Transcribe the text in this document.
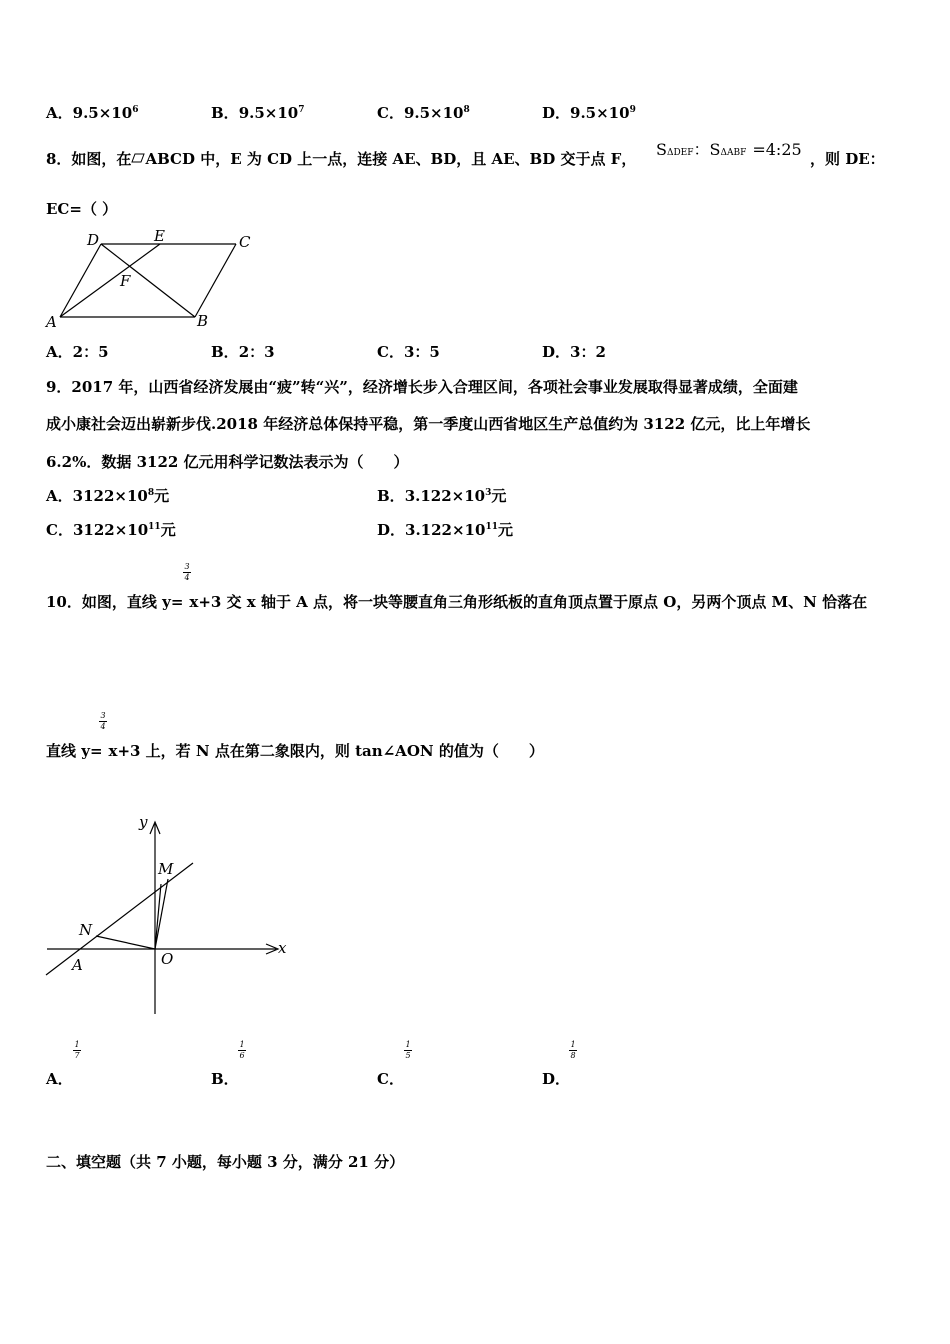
A．$9.5\times 10^6$	B．$9.5\times 10^7$	C．$9.5\times 10^8$	D．$9.5\times 10^9$
8．如图，在 ABCD 中，E 为 CD 上一点，连接 AE、BD，且 AE、BD 交于点 F， SΔDEF：SΔABF =4:25 ，则 DE：
EC=（ ）
D	E	C
F
A	B
A．2：5	B．2：3	C．3：5	D．3：2
9．2017 年，山西省经济发展由“疲”转“兴”，经济增长步入合理区间，各项社会事业发展取得显著成绩，全面建
成小康社会迈出崭新步伐.2018 年经济总体保持平稳，第一季度山西省地区生产总值约为 3122 亿元，比上年增长
6.2%．数据 3122 亿元用科学记数法表示为（　　）
A．$3122\times 10^8$元	B．$3.122\times 10^3$元
C．$3122\times 10^{11}$元	D．$3.122\times 10^{11}$元
3
4
10．如图，直线 y= x+3 交 x 轴于 A 点，将一块等腰直角三角形纸板的直角顶点置于原点 O，另两个顶点 M、N 恰落在
3
4
直线 y= x+3 上，若 N 点在第二象限内，则 tan∠AON 的值为（　　）
y
x
M
N
A	O
1
7
A．
1
6
B．
1
5
C．
1
8
D．
二、填空题（共 7 小题，每小题 3 分，满分 21 分）
